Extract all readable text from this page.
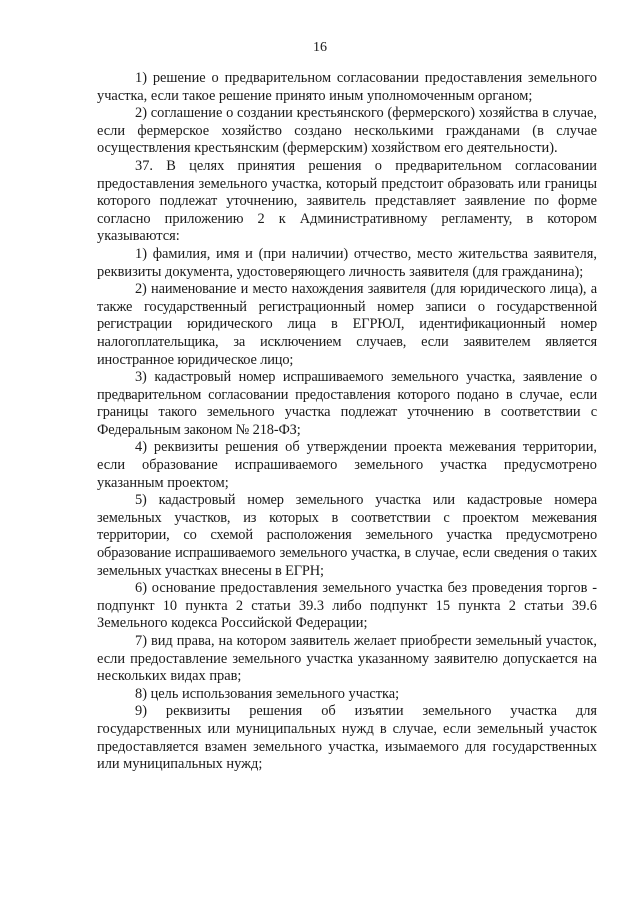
16

1) решение о предварительном согласовании предоставления земельного участка, если такое решение принято иным уполномоченным органом;

2) соглашение о создании крестьянского (фермерского) хозяйства в случае, если фермерское хозяйство создано несколькими гражданами (в случае осуществления крестьянским (фермерским) хозяйством его деятельности).

37. В целях принятия решения о предварительном согласовании предоставления земельного участка, который предстоит образовать или границы которого подлежат уточнению, заявитель представляет заявление по форме согласно приложению 2 к Административному регламенту, в котором указываются:

1) фамилия, имя и (при наличии) отчество, место жительства заявителя, реквизиты документа, удостоверяющего личность заявителя (для гражданина);

2) наименование и место нахождения заявителя (для юридического лица), а также государственный регистрационный номер записи о государственной регистрации юридического лица в ЕГРЮЛ, идентификационный номер налогоплательщика, за исключением случаев, если заявителем является иностранное юридическое лицо;

3) кадастровый номер испрашиваемого земельного участка, заявление о предварительном согласовании предоставления которого подано в случае, если границы такого земельного участка подлежат уточнению в соответствии с Федеральным законом № 218-ФЗ;

4) реквизиты решения об утверждении проекта межевания территории, если образование испрашиваемого земельного участка предусмотрено указанным проектом;

5) кадастровый номер земельного участка или кадастровые номера земельных участков, из которых в соответствии с проектом межевания территории, со схемой расположения земельного участка предусмотрено образование испрашиваемого земельного участка, в случае, если сведения о таких земельных участках внесены в ЕГРН;

6) основание предоставления земельного участка без проведения торгов - подпункт 10 пункта 2 статьи 39.3 либо подпункт 15 пункта 2 статьи 39.6 Земельного кодекса Российской Федерации;

7) вид права, на котором заявитель желает приобрести земельный участок, если предоставление земельного участка указанному заявителю допускается на нескольких видах прав;

8) цель использования земельного участка;

9) реквизиты решения об изъятии земельного участка для государственных или муниципальных нужд в случае, если земельный участок предоставляется взамен земельного участка, изымаемого для государственных или муниципальных нужд;
